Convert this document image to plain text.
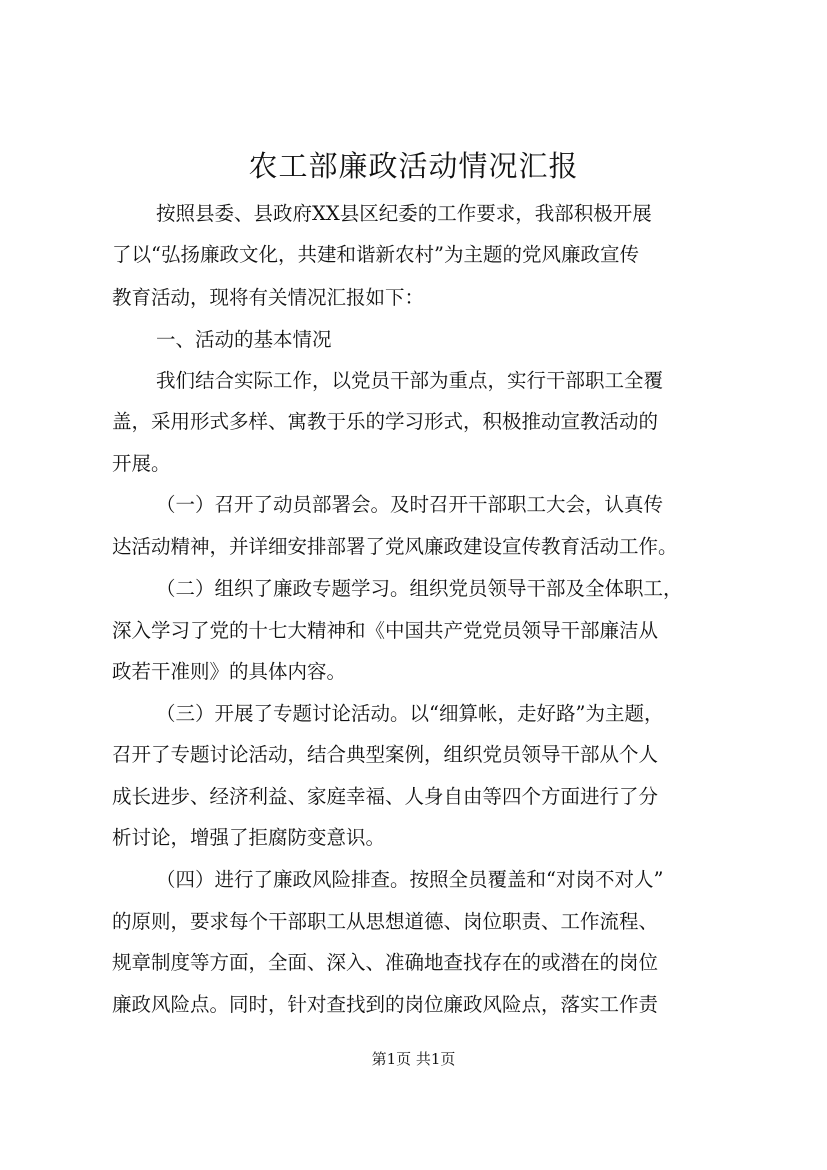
农工部廉政活动情况汇报
按照县委、县政府XX县区纪委的工作要求，我部积极开展
了以“弘扬廉政文化，共建和谐新农村”为主题的党风廉政宣传
教育活动，现将有关情况汇报如下：
一、活动的基本情况
我们结合实际工作，以党员干部为重点，实行干部职工全覆
盖，采用形式多样、寓教于乐的学习形式，积极推动宣教活动的
开展。
（一）召开了动员部署会。及时召开干部职工大会，认真传
达活动精神，并详细安排部署了党风廉政建设宣传教育活动工作。
（二）组织了廉政专题学习。组织党员领导干部及全体职工，
深入学习了党的十七大精神和《中国共产党党员领导干部廉洁从
政若干准则》的具体内容。
（三）开展了专题讨论活动。以“细算帐，走好路”为主题，
召开了专题讨论活动，结合典型案例，组织党员领导干部从个人
成长进步、经济利益、家庭幸福、人身自由等四个方面进行了分
析讨论，增强了拒腐防变意识。
（四）进行了廉政风险排查。按照全员覆盖和“对岗不对人”
的原则，要求每个干部职工从思想道德、岗位职责、工作流程、
规章制度等方面，全面、深入、准确地查找存在的或潜在的岗位
廉政风险点。同时，针对查找到的岗位廉政风险点，落实工作责
第1页 共1页
